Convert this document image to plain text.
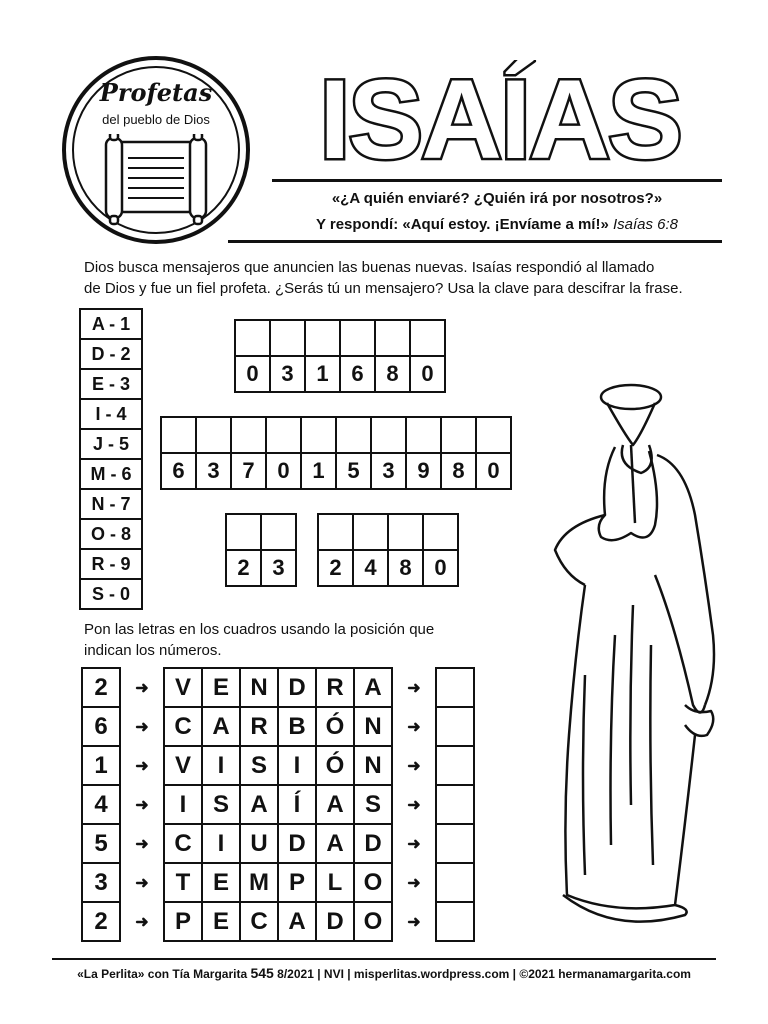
Profetas
del pueblo de Dios ISAÍAS
«¿A quién enviaré? ¿Quién irá por nosotros?»
Y respondí: «Aquí estoy. ¡Envíame a mí!» Isaías 6:8
Dios busca mensajeros que anuncien las buenas nuevas. Isaías respondió al llamado
de Dios y fue un fiel profeta. ¿Serás tú un mensajero? Usa la clave para descifrar la frase.
A - 1
D - 2
E - 3
I - 4
J - 5
M - 6
N - 7
O - 8
R - 9
S - 0

0	3	1	6	8	0

6	3	7	0	1	5	3	9	8	0

2	3
			2	4	8	0
Pon las letras en los cuadros usando la posición que
indican los números.
2	➜	V	E	N	D	R	A	➜	
6	➜	C	A	R	B	Ó	N	➜	
1	➜	V	I	S	I	Ó	N	➜	
4	➜	I	S	A	Í	A	S	➜	
5	➜	C	I	U	D	A	D	➜	
3	➜	T	E	M	P	L	O	➜	
2	➜	P	E	C	A	D	O	➜	
«La Perlita» con Tía Margarita 545 8/2021 | NVI | misperlitas.wordpress.com | ©2021 hermanamargarita.com
